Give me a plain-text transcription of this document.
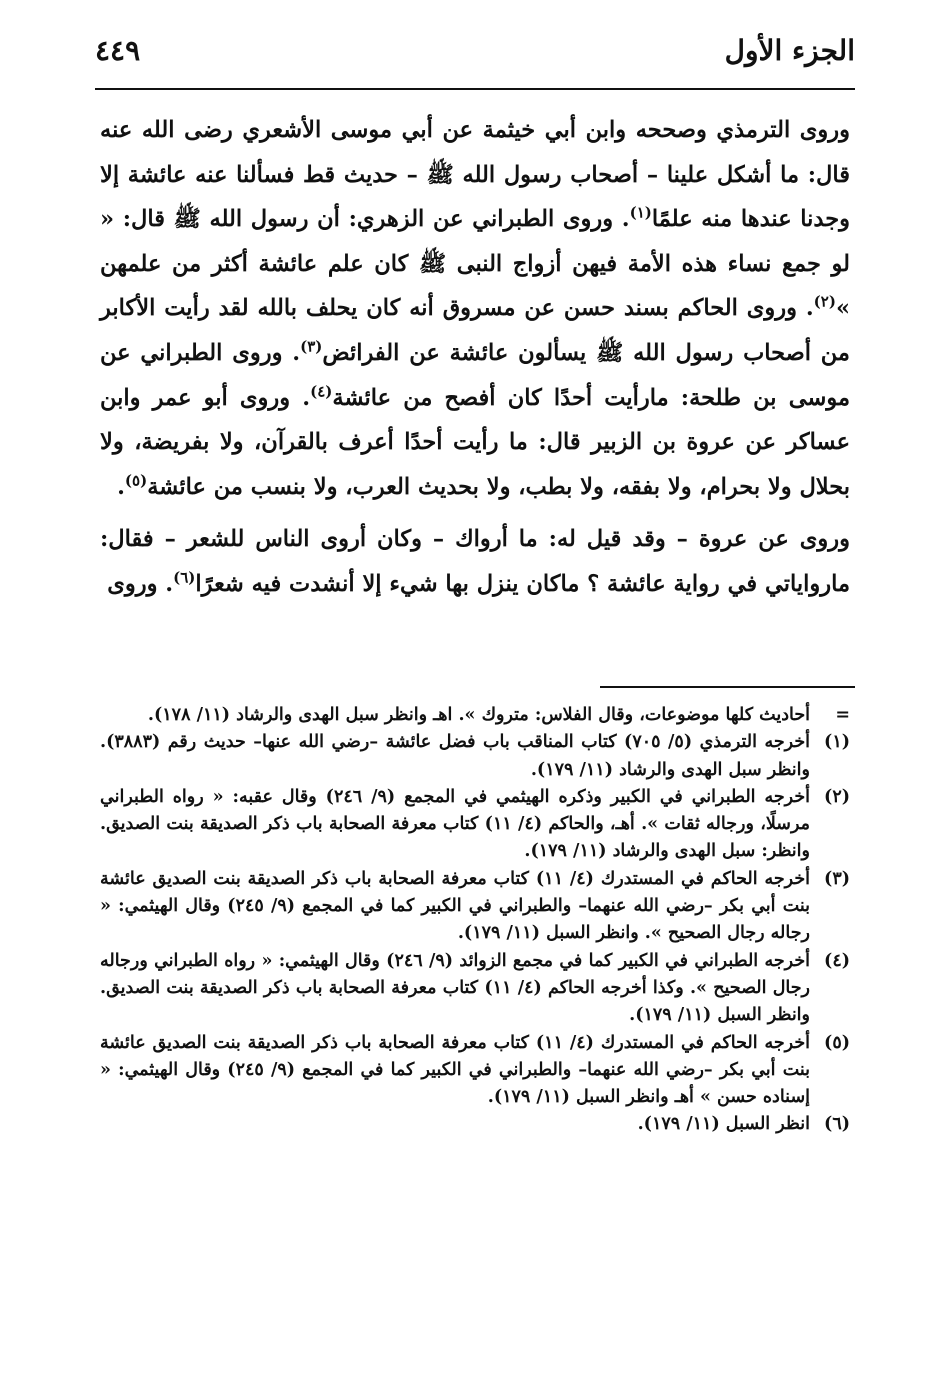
الجزء الأول
٤٤٩

وروى الترمذي وصححه وابن أبي خيثمة عن أبي موسى الأشعري رضى الله عنه قال: ما أشكل علينا – أصحاب رسول الله ﷺ – حديث قط فسألنا عنه عائشة إلا وجدنا عندها منه علمًا$^{(١)}$. وروى الطبراني عن الزهري: أن رسول الله ﷺ قال: « لو جمع نساء هذه الأمة فيهن أزواج النبى ﷺ كان علم عائشة أكثر من علمهن »$^{(٢)}$. وروى الحاكم بسند حسن عن مسروق أنه كان يحلف بالله لقد رأيت الأكابر من أصحاب رسول الله ﷺ يسألون عائشة عن الفرائض$^{(٣)}$. وروى الطبراني عن موسى بن طلحة: مارأيت أحدًا كان أفصح من عائشة$^{(٤)}$. وروى أبو عمر وابن عساكر عن عروة بن الزبير قال: ما رأيت أحدًا أعرف بالقرآن، ولا بفريضة، ولا بحلال ولا بحرام، ولا بفقه، ولا بطب، ولا بحديث العرب، ولا بنسب من عائشة$^{(٥)}$.

وروى عن عروة – وقد قيل له: ما أرواك – وكان أروى الناس للشعر – فقال: مارواياتي في رواية عائشة ؟ ماكان ينزل بها شيء إلا أنشدت فيه شعرًا$^{(٦)}$. وروى

=
أحاديث كلها موضوعات، وقال الفلاس: متروك ». اهـ وانظر سبل الهدى والرشاد (١١/ ١٧٨).
(١)
أخرجه الترمذي (٥/ ٧٠٥) كتاب المناقب باب فضل عائشة –رضي الله عنها– حديث رقم (٣٨٨٣). وانظر سبل الهدى والرشاد (١١/ ١٧٩).
(٢)
أخرجه الطبراني في الكبير وذكره الهيثمي في المجمع (٩/ ٢٤٦) وقال عقبه: « رواه الطبراني مرسلًا، ورجاله ثقات ». أهـ، والحاكم (٤/ ١١) كتاب معرفة الصحابة باب ذكر الصديقة بنت الصديق. وانظر: سبل الهدى والرشاد (١١/ ١٧٩).
(٣)
أخرجه الحاكم في المستدرك (٤/ ١١) كتاب معرفة الصحابة باب ذكر الصديقة بنت الصديق عائشة بنت أبي بكر –رضي الله عنهما– والطبراني في الكبير كما في المجمع (٩/ ٢٤٥) وقال الهيثمي: « رجاله رجال الصحيح ». وانظر السبل (١١/ ١٧٩).
(٤)
أخرجه الطبراني في الكبير كما في مجمع الزوائد (٩/ ٢٤٦) وقال الهيثمي: « رواه الطبراني ورجاله رجال الصحيح ». وكذا أخرجه الحاكم (٤/ ١١) كتاب معرفة الصحابة باب ذكر الصديقة بنت الصديق. وانظر السبل (١١/ ١٧٩).
(٥)
أخرجه الحاكم في المستدرك (٤/ ١١) كتاب معرفة الصحابة باب ذكر الصديقة بنت الصديق عائشة بنت أبي بكر –رضي الله عنهما– والطبراني في الكبير كما في المجمع (٩/ ٢٤٥) وقال الهيثمي: « إسناده حسن » أهـ وانظر السبل (١١/ ١٧٩).
(٦)
انظر السبل (١١/ ١٧٩).
